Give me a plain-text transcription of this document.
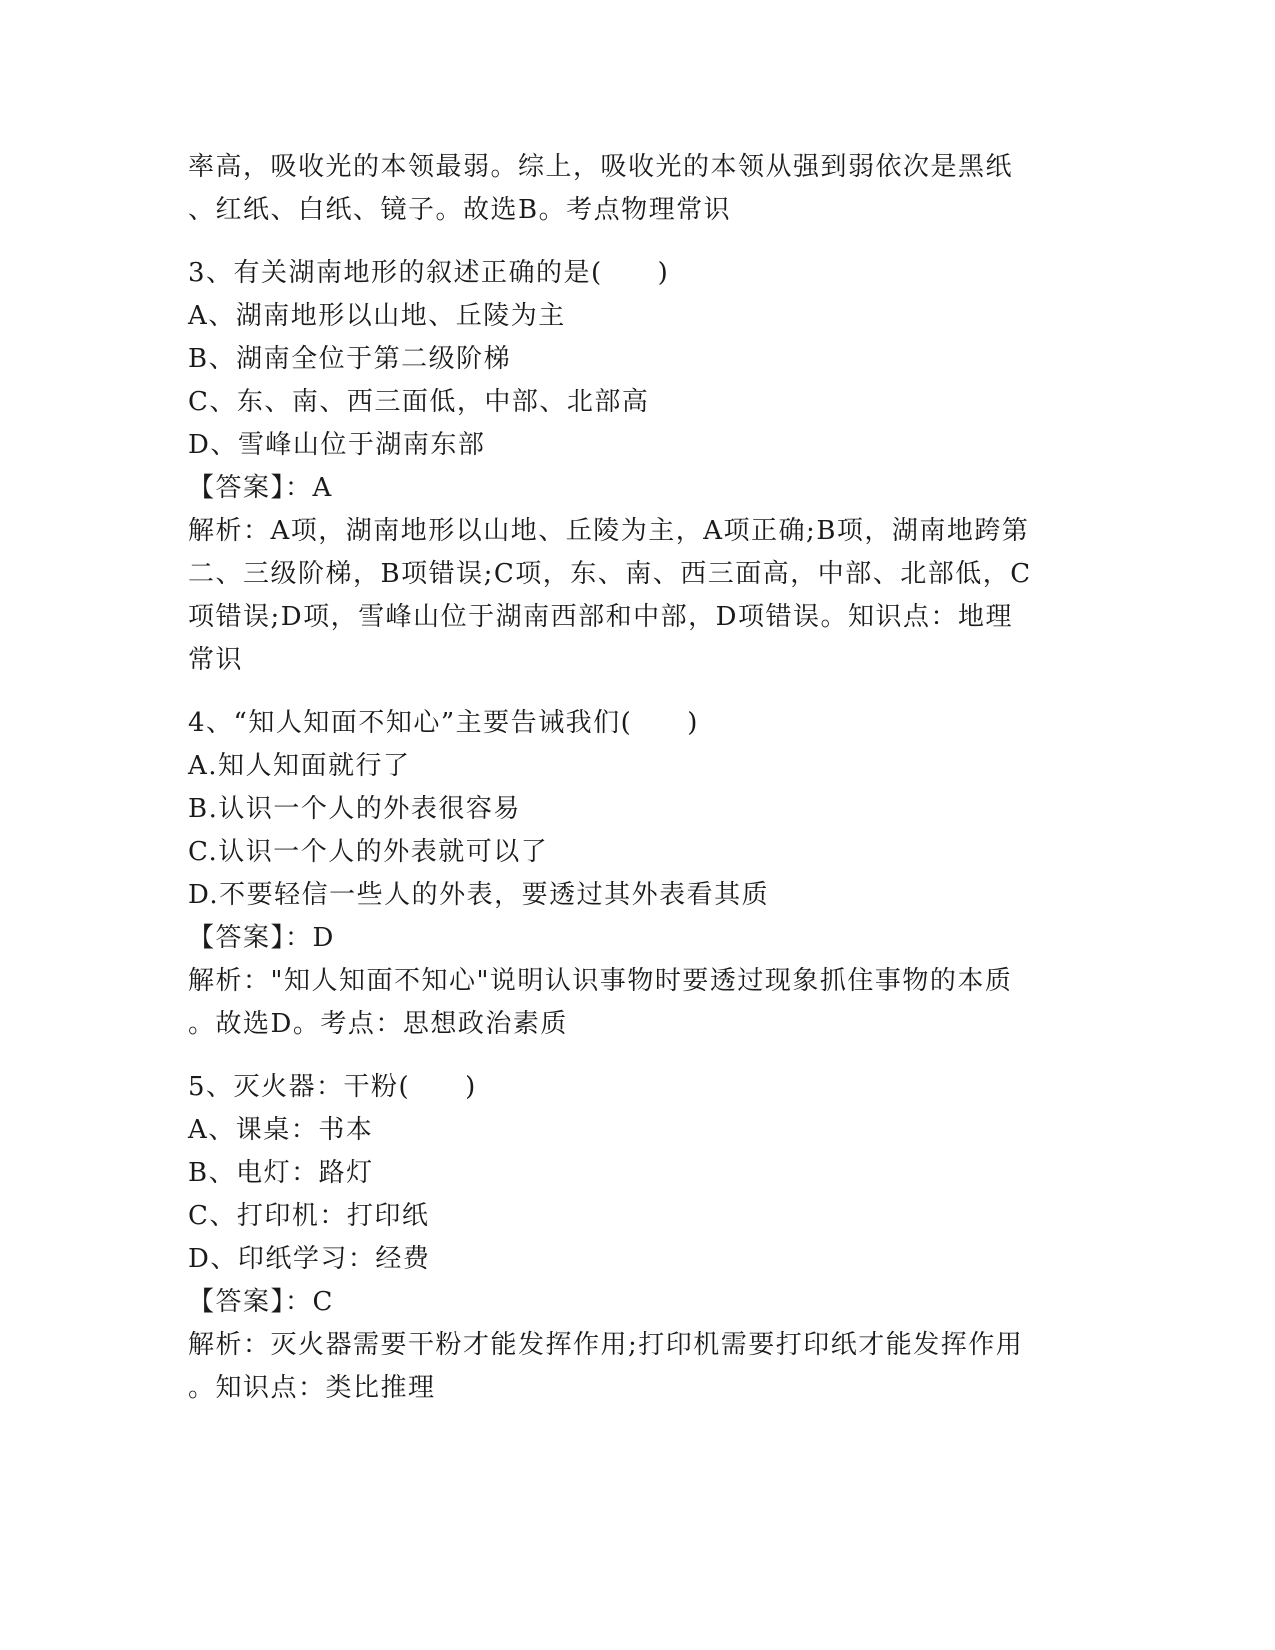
率高，吸收光的本领最弱。综上，吸收光的本领从强到弱依次是黑纸
、红纸、白纸、镜子。故选B。考点物理常识
3、有关湖南地形的叙述正确的是(　　)
A、湖南地形以山地、丘陵为主
B、湖南全位于第二级阶梯
C、东、南、西三面低，中部、北部高
D、雪峰山位于湖南东部
【答案】：A
解析：A项，湖南地形以山地、丘陵为主，A项正确;B项，湖南地跨第
二、三级阶梯，B项错误;C项，东、南、西三面高，中部、北部低，C
项错误;D项，雪峰山位于湖南西部和中部，D项错误。知识点：地理
常识
4、“知人知面不知心”主要告诫我们(　　)
A.知人知面就行了
B.认识一个人的外表很容易
C.认识一个人的外表就可以了
D.不要轻信一些人的外表，要透过其外表看其质
【答案】：D
解析："知人知面不知心"说明认识事物时要透过现象抓住事物的本质
。故选D。考点：思想政治素质
5、灭火器：干粉(　　)
A、课桌：书本
B、电灯：路灯
C、打印机：打印纸
D、印纸学习：经费
【答案】：C
解析：灭火器需要干粉才能发挥作用;打印机需要打印纸才能发挥作用
。知识点：类比推理
